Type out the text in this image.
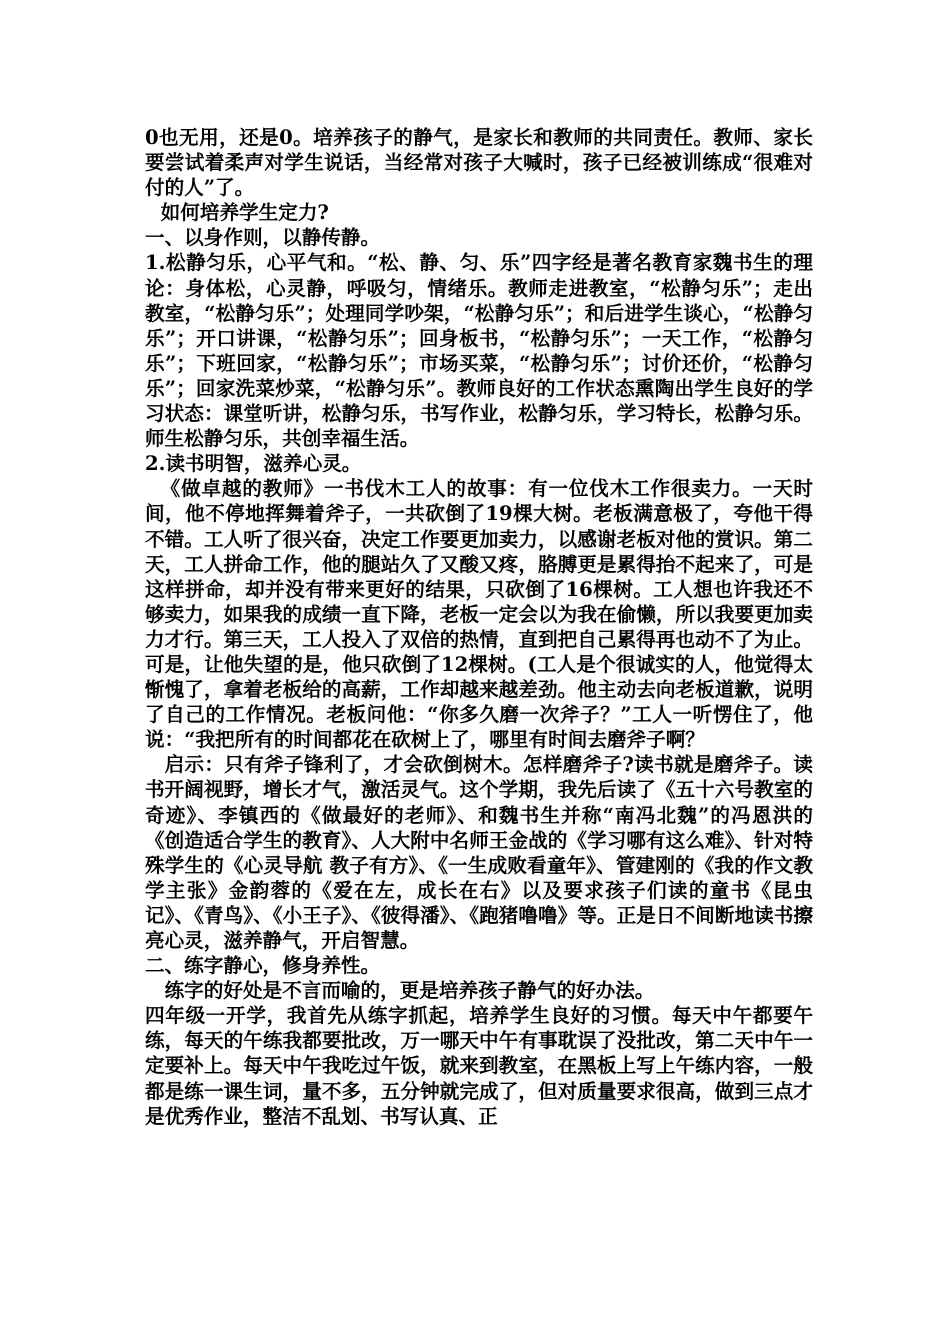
0也无用，还是0。培养孩子的静气，是家长和教师的共同责任。教师、家长要尝试着柔声对学生说话，当经常对孩子大喊时，孩子已经被训练成“很难对付的人”了。

如何培养学生定力?

一、以身作则，以静传静。

1.松静匀乐，心平气和。“松、静、匀、乐”四字经是著名教育家魏书生的理论：身体松，心灵静，呼吸匀，情绪乐。教师走进教室，“松静匀乐”；走出教室，“松静匀乐”；处理同学吵架，“松静匀乐”；和后进学生谈心，“松静匀乐”；开口讲课，“松静匀乐”；回身板书，“松静匀乐”；一天工作，“松静匀乐”；下班回家，“松静匀乐”；市场买菜，“松静匀乐”；讨价还价，“松静匀乐”；回家洗菜炒菜，“松静匀乐”。教师良好的工作状态熏陶出学生良好的学习状态：课堂听讲，松静匀乐，书写作业，松静匀乐，学习特长，松静匀乐。师生松静匀乐，共创幸福生活。

2.读书明智，滋养心灵。

《做卓越的教师》一书伐木工人的故事：有一位伐木工作很卖力。一天时间，他不停地挥舞着斧子，一共砍倒了19棵大树。老板满意极了，夸他干得不错。工人听了很兴奋，决定工作要更加卖力，以感谢老板对他的赏识。第二天，工人拼命工作，他的腿站久了又酸又疼，胳膊更是累得抬不起来了，可是这样拼命，却并没有带来更好的结果，只砍倒了16棵树。工人想也许我还不够卖力，如果我的成绩一直下降，老板一定会以为我在偷懒，所以我要更加卖力才行。第三天，工人投入了双倍的热情，直到把自己累得再也动不了为止。可是，让他失望的是，他只砍倒了12棵树。(工人是个很诚实的人，他觉得太惭愧了，拿着老板给的高薪，工作却越来越差劲。他主动去向老板道歉，说明了自己的工作情况。老板问他：“你多久磨一次斧子？”工人一听愣住了，他说：“我把所有的时间都花在砍树上了，哪里有时间去磨斧子啊？

启示：只有斧子锋利了，才会砍倒树木。怎样磨斧子?读书就是磨斧子。读书开阔视野，增长才气，激活灵气。这个学期，我先后读了《五十六号教室的奇迹》、李镇西的《做最好的老师》、和魏书生并称“南冯北魏”的冯恩洪的《创造适合学生的教育》、人大附中名师王金战的《学习哪有这么难》、针对特殊学生的《心灵导航 教子有方》、《一生成败看童年》、管建刚的《我的作文教学主张》金韵蓉的《爱在左，成长在右》以及要求孩子们读的童书《昆虫记》、《青鸟》、《小王子》、《彼得潘》、《跑猪噜噜》等。正是日不间断地读书擦亮心灵，滋养静气，开启智慧。

二、练字静心，修身养性。

练字的好处是不言而喻的，更是培养孩子静气的好办法。

四年级一开学，我首先从练字抓起，培养学生良好的习惯。每天中午都要午练，每天的午练我都要批改，万一哪天中午有事耽误了没批改，第二天中午一定要补上。每天中午我吃过午饭，就来到教室，在黑板上写上午练内容，一般都是练一课生词，量不多，五分钟就完成了，但对质量要求很高，做到三点才是优秀作业，整洁不乱划、书写认真、正
